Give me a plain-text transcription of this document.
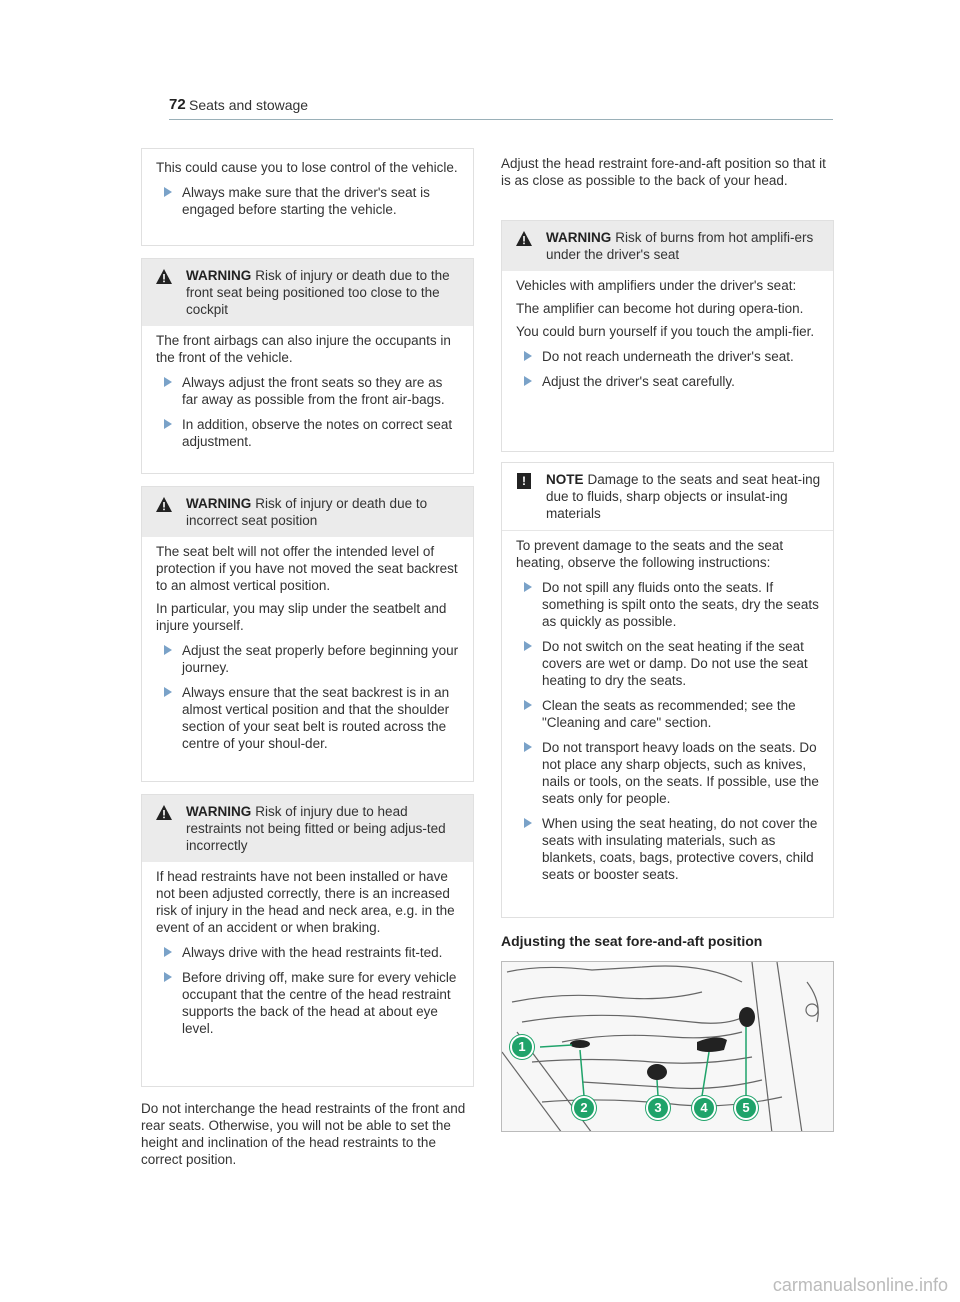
72 Seats and stowage

This could cause you to lose control of the vehicle.

Always make sure that the driver's seat is engaged before starting the vehicle.
WARNING Risk of injury or death due to the front seat being positioned too close to the cockpit

The front airbags can also injure the occupants in the front of the vehicle.

Always adjust the front seats so they are as far away as possible from the front air-bags.
In addition, observe the notes on correct seat adjustment.
WARNING Risk of injury or death due to incorrect seat position

The seat belt will not offer the intended level of protection if you have not moved the seat backrest to an almost vertical position.

In particular, you may slip under the seatbelt and injure yourself.

Adjust the seat properly before beginning your journey.
Always ensure that the seat backrest is in an almost vertical position and that the shoulder section of your seat belt is routed across the centre of your shoul-der.
WARNING Risk of injury due to head restraints not being fitted or being adjus-ted incorrectly

If head restraints have not been installed or have not been adjusted correctly, there is an increased risk of injury in the head and neck area, e.g. in the event of an accident or when braking.

Always drive with the head restraints fit-ted.
Before driving off, make sure for every vehicle occupant that the centre of the head restraint supports the back of the head at about eye level.
Do not interchange the head restraints of the front and rear seats. Otherwise, you will not be able to set the height and inclination of the head restraints to the correct position.
Adjust the head restraint fore-and-aft position so that it is as close as possible to the back of your head.
WARNING Risk of burns from hot amplifi-ers under the driver's seat

Vehicles with amplifiers under the driver's seat:

The amplifier can become hot during opera-tion.

You could burn yourself if you touch the ampli-fier.

Do not reach underneath the driver's seat.
Adjust the driver's seat carefully.
!	NOTE Damage to the seats and seat heat-ing due to fluids, sharp objects or insulat-ing materials

To prevent damage to the seats and the seat heating, observe the following instructions:

Do not spill any fluids onto the seats. If something is spilt onto the seats, dry the seats as quickly as possible.
Do not switch on the seat heating if the seat covers are wet or damp. Do not use the seat heating to dry the seats.
Clean the seats as recommended; see the "Cleaning and care" section.
Do not transport heavy loads on the seats. Do not place any sharp objects, such as knives, nails or tools, on the seats. If possible, use the seats only for people.
When using the seat heating, do not cover the seats with insulating materials, such as blankets, coats, bags, protective covers, child seats or booster seats.
Adjusting the seat fore-and-aft position
1
2	3	4	5
carmanualsonline.info
